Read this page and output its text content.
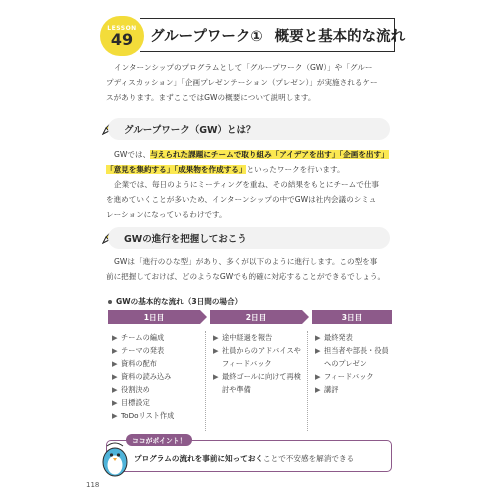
LESSON
49 グループワーク① 概要と基本的な流れ
インターンシップのプログラムとして「グループワーク（GW）」や「グルー
プディスカッション」「企画プレゼンテーション（プレゼン）」が実施されるケー
スがあります。まずここではGWの概要について説明します。
グループワーク（GW）とは？
GWでは、与えられた課題にチームで取り組み「アイデアを出す」「企画を出す」
「意見を集約する」「成果物を作成する」といったワークを行います。
企業では、毎日のようにミーティングを重ね、その結果をもとにチームで仕事
を進めていくことが多いため、インターンシップの中でGWは社内会議のシミュ
レーションになっているわけです。
GWの進行を把握しておこう
GWは「進行のひな型」があり、多くが以下のように進行します。この型を事
前に把握しておけば、どのようなGWでも的確に対応することができるでしょう。
GWの基本的な流れ（3日間の場合）
1日目	2日目	3日目
▶ チームの編成
▶ テーマの発表
▶ 資料の配布
▶ 資料の読み込み
▶ 役割決め
▶ 目標設定
▶ ToDoリスト作成
▶ 途中経過を報告
▶ 社員からのアドバイスやフィードバック
▶ 最終ゴールに向けて再検討や準備
▶ 最終発表
▶ 担当者や部長・役員へのプレゼン
▶ フィードバック
▶ 講評
ココがポイント！
プログラムの流れを事前に知っておくことで不安感を解消できる
118
